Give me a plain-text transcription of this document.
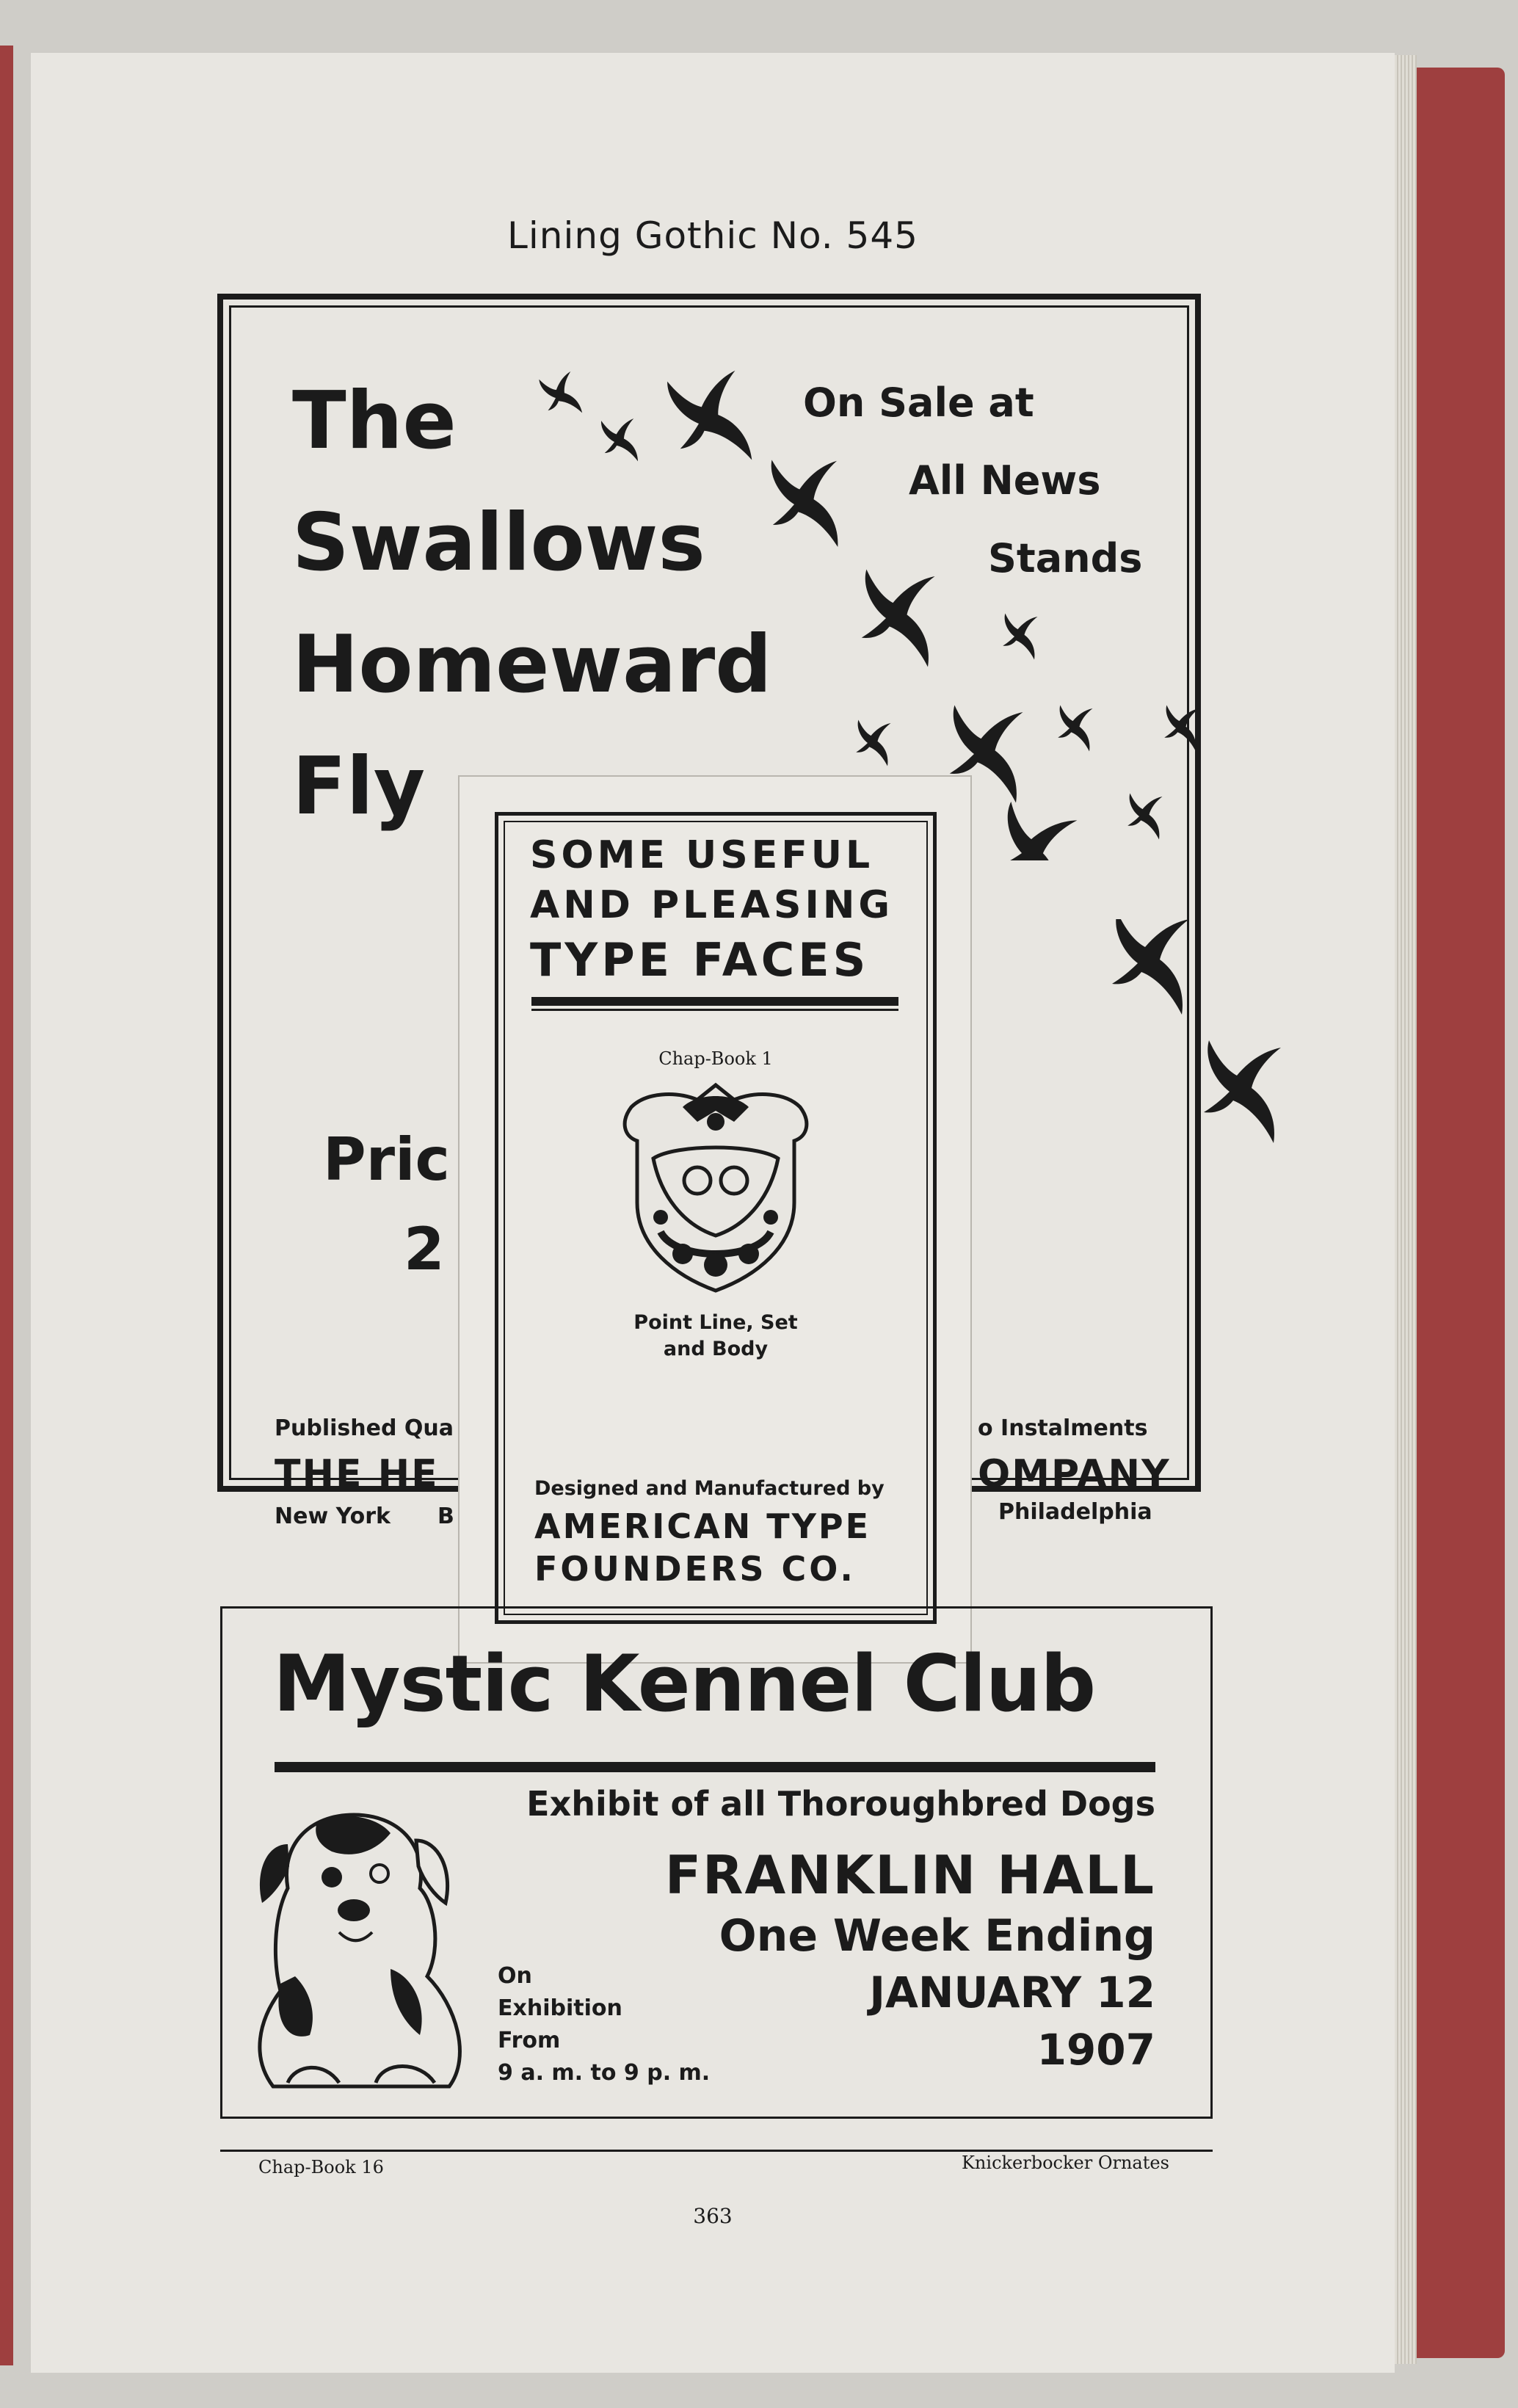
Lining Gothic No. 545
The
Swallows
Homeward
Fly
On Sale at
All News
Stands
Pric
2
Published Qua	o Instalments
THE HE	OMPANY
New York B	Philadelphia
SOME USEFUL
AND PLEASING
TYPE FACES
Chap-Book 1
Point Line, Set
and Body
Designed and Manufactured by
AMERICAN TYPE
FOUNDERS CO.
Mystic Kennel Club
Exhibit of all Thoroughbred Dogs
FRANKLIN HALL
One Week Ending
JANUARY 12
1907
On
Exhibition
From
9 a. m. to 9 p. m.
Chap-Book 16	Knickerbocker Ornates
363
